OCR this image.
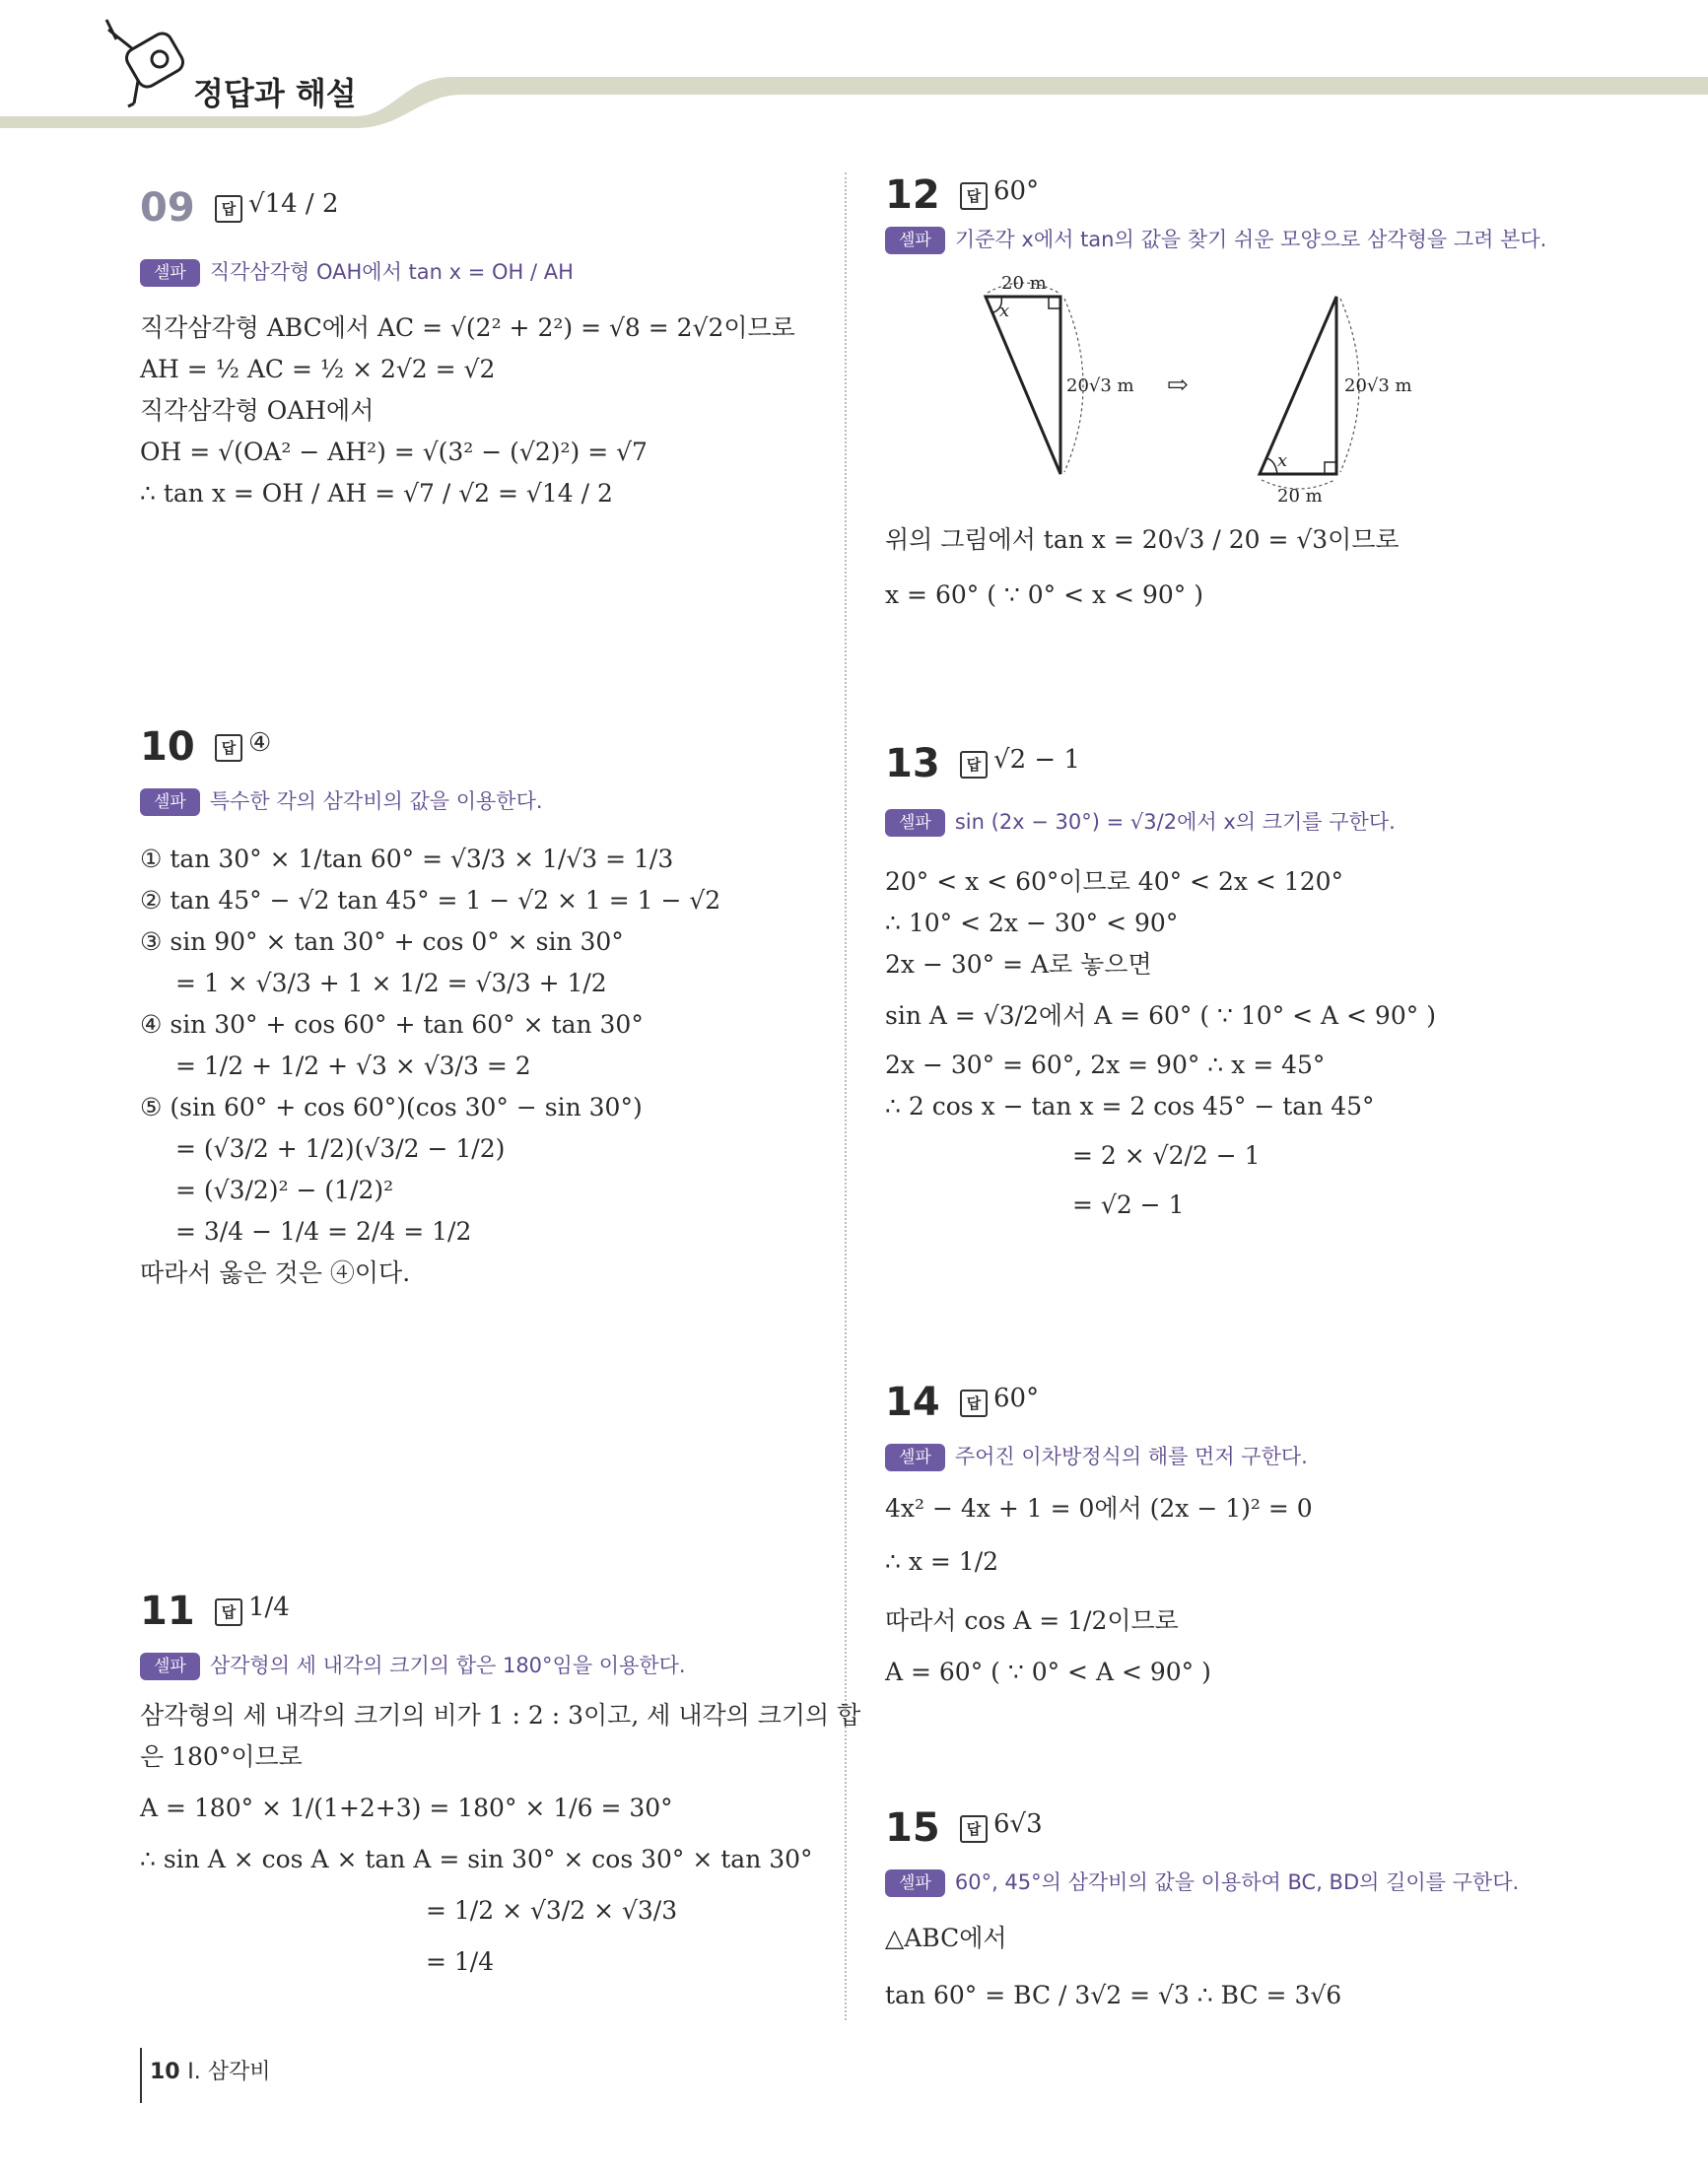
정답과 해설
09	답 √14 / 2
셀파 직각삼각형 OAH에서 tan x = OH / AH
직각삼각형 ABC에서 AC = √(2² + 2²) = √8 = 2√2이므로
AH = ½ AC = ½ × 2√2 = √2
직각삼각형 OAH에서
OH = √(OA² − AH²) = √(3² − (√2)²) = √7
∴ tan x = OH / AH = √7 / √2 = √14 / 2
10	답 ④
셀파 특수한 각의 삼각비의 값을 이용한다.
① tan 30° × 1/tan 60° = √3/3 × 1/√3 = 1/3
② tan 45° − √2 tan 45° = 1 − √2 × 1 = 1 − √2
③ sin 90° × tan 30° + cos 0° × sin 30°
= 1 × √3/3 + 1 × 1/2 = √3/3 + 1/2
④ sin 30° + cos 60° + tan 60° × tan 30°
= 1/2 + 1/2 + √3 × √3/3 = 2
⑤ (sin 60° + cos 60°)(cos 30° − sin 30°)
= (√3/2 + 1/2)(√3/2 − 1/2)
= (√3/2)² − (1/2)²
= 3/4 − 1/4 = 2/4 = 1/2
따라서 옳은 것은 ④이다.
11	답 1/4
셀파 삼각형의 세 내각의 크기의 합은 180°임을 이용한다.
삼각형의 세 내각의 크기의 비가 1 : 2 : 3이고, 세 내각의 크기의 합
은 180°이므로
A = 180° × 1/(1+2+3) = 180° × 1/6 = 30°
∴ sin A × cos A × tan A = sin 30° × cos 30° × tan 30°
= 1/2 × √3/2 × √3/3
= 1/4
12	답 60°
셀파 기준각 x에서 tan의 값을 찾기 쉬운 모양으로 삼각형을 그려 본다.
20 m
x
20√3 m ⇨	20√3 m
x
20 m
위의 그림에서 tan x = 20√3 / 20 = √3이므로
x = 60° ( ∵ 0° < x < 90° )
13	답 √2 − 1
셀파 sin (2x − 30°) = √3/2에서 x의 크기를 구한다.
20° < x < 60°이므로 40° < 2x < 120°
∴ 10° < 2x − 30° < 90°
2x − 30° = A로 놓으면
sin A = √3/2에서 A = 60° ( ∵ 10° < A < 90° )
2x − 30° = 60°, 2x = 90° ∴ x = 45°
∴ 2 cos x − tan x = 2 cos 45° − tan 45°
= 2 × √2/2 − 1
= √2 − 1
14	답 60°
셀파 주어진 이차방정식의 해를 먼저 구한다.
4x² − 4x + 1 = 0에서 (2x − 1)² = 0
∴ x = 1/2
따라서 cos A = 1/2이므로
A = 60° ( ∵ 0° < A < 90° )
15	답 6√3
셀파 60°, 45°의 삼각비의 값을 이용하여 BC, BD의 길이를 구한다.
△ABC에서
tan 60° = BC / 3√2 = √3 ∴ BC = 3√6
10 I. 삼각비
